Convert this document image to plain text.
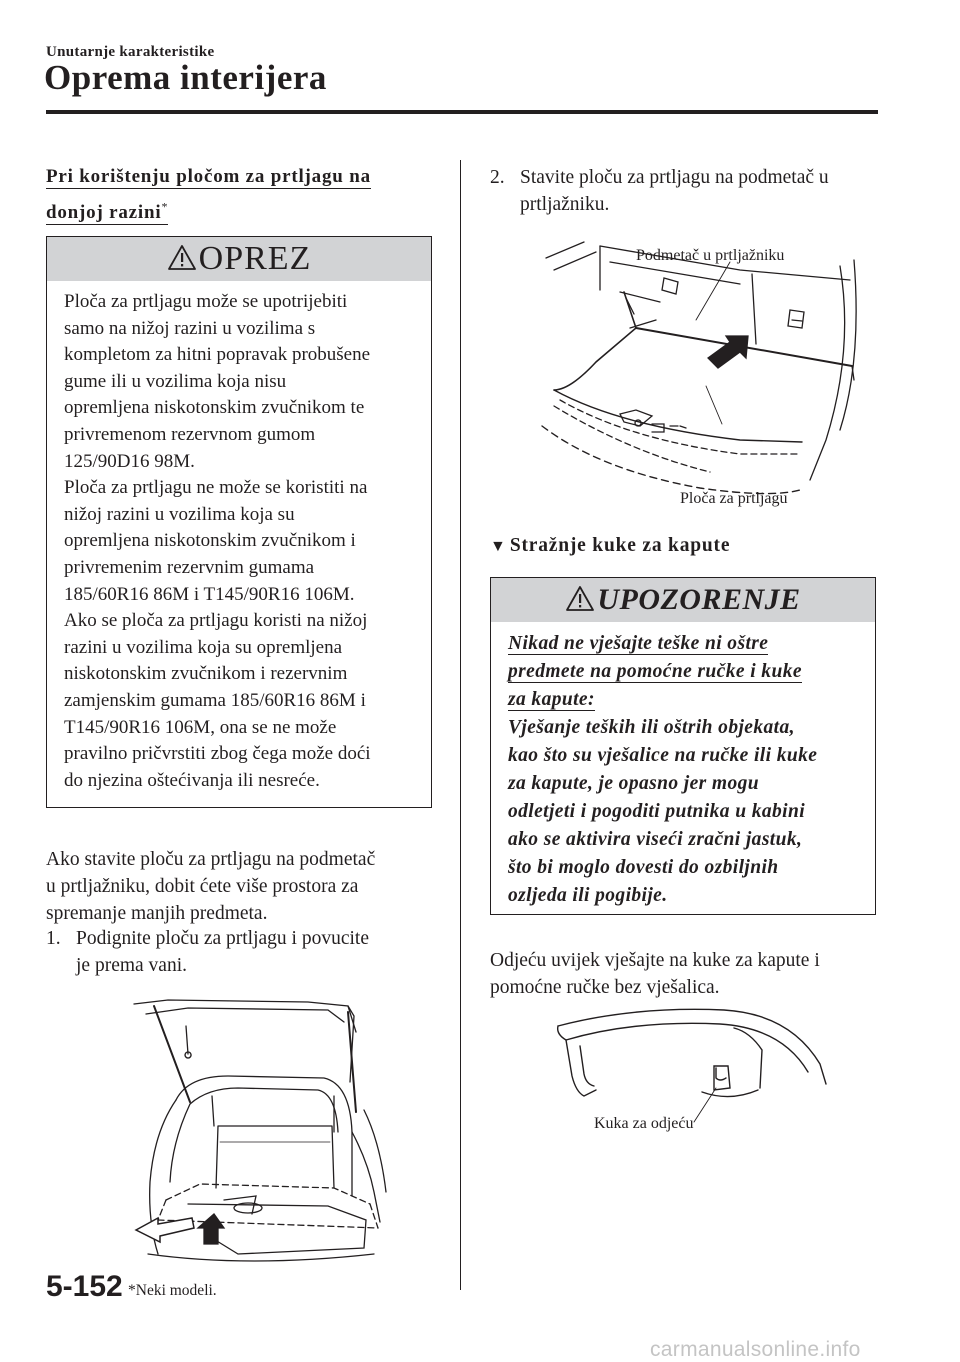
Unutarnje karakteristike
Oprema interijera
Pri korištenju pločom za prtljagu na
donjoj razini*
OPREZ
Ploča za prtljagu može se upotrijebiti
samo na nižoj razini u vozilima s
kompletom za hitni popravak probušene
gume ili u vozilima koja nisu
opremljena niskotonskim zvučnikom te
privremenom rezervnom gumom
125/90D16 98M.
Ploča za prtljagu ne može se koristiti na
nižoj razini u vozilima koja su
opremljena niskotonskim zvučnikom i
privremenim rezervnim gumama
185/60R16 86M i T145/90R16 106M.
Ako se ploča za prtljagu koristi na nižoj
razini u vozilima koja su opremljena
niskotonskim zvučnikom i rezervnim
zamjenskim gumama 185/60R16 86M i
T145/90R16 106M, ona se ne može
pravilno pričvrstiti zbog čega može doći
do njezina oštećivanja ili nesreće.
Ako stavite ploču za prtljagu na podmetač
u prtljažniku, dobit ćete više prostora za
spremanje manjih predmeta.
1. Podignite ploču za prtljagu i povucite
je prema vani.
2. Stavite ploču za prtljagu na podmetač u
prtljažniku.
Podmetač u prtljažniku
Ploča za prtljagu
▼ Stražnje kuke za kapute
UPOZORENJE
Nikad ne vješajte teške ni oštre
predmete na pomoćne ručke i kuke
za kapute:
Vješanje teških ili oštrih objekata,
kao što su vješalice na ručke ili kuke
za kapute, je opasno jer mogu
odletjeti i pogoditi putnika u kabini
ako se aktivira viseći zračni jastuk,
što bi moglo dovesti do ozbiljnih
ozljeda ili pogibije.
Odjeću uvijek vješajte na kuke za kapute i
pomoćne ručke bez vješalica.
Kuka za odjeću
5-152 *Neki modeli.
carmanualsonline.info
